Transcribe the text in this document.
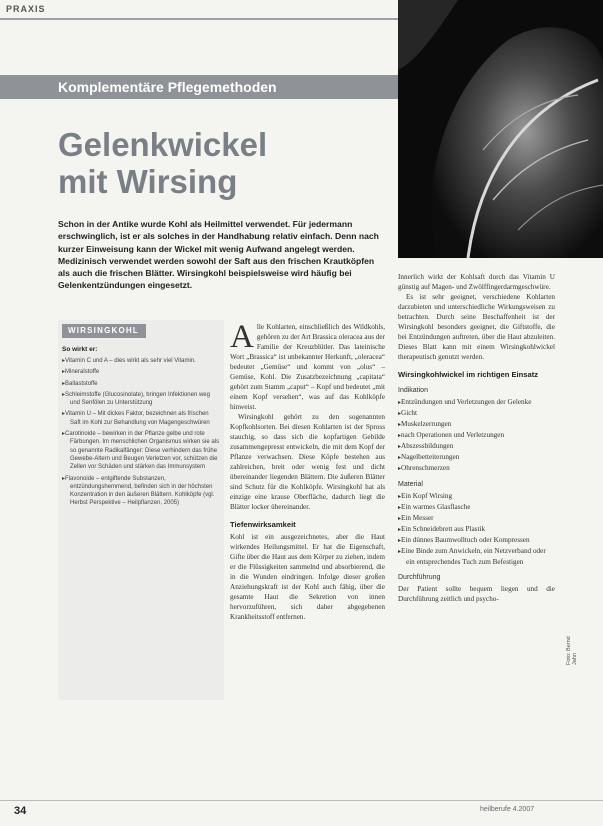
PRAXIS
Komplementäre Pflegemethoden
Gelenkwickel
mit Wirsing
Schon in der Antike wurde Kohl als Heilmittel verwendet. Für jedermann erschwinglich, ist er als solches in der Handhabung relativ einfach. Denn nach kurzer Einweisung kann der Wickel mit wenig Aufwand angelegt werden. Medizinisch verwendet werden sowohl der Saft aus den frischen Krautköpfen als auch die frischen Blätter. Wirsingkohl beispielsweise wird häufig bei Gelenkentzündungen eingesetzt.
WIRSINGKOHL
So wirkt er:
▸ Vitamin C und A – dies wirkt als sehr viel Vitamin.
▸ Mineralstoffe
▸ Ballaststoffe
▸ Schleimstoffe (Glucosinolate), bringen Infektionen weg und Senfölen zu Unterstützung
▸ Vitamin U – Mit dickes Faktor, bezeichnen als frischen Saft im Kohl zur Behandlung von Magengeschwüren
▸ Carotinoide – bewirken in der Pflanze gelbe und rote Färbungen. Im menschlichen Organismus wirken sie als so genannte Radikalfänger: Diese verhindern das frühe Gewebe-Altern und Beugen Verletzen vor, schützen die Zellen vor Schäden und stärken das Immunsystem
▸ Flavonoide – entgiftende Substanzen, entzündungshemmend, befinden sich in der höchsten Konzentration in den äußeren Blättern. Kohlköpfe (vgl. Herbst Perspektive – Heilpflanzen, 2005)

Alle Kohlarten, einschließlich des Wildkohls, gehören zu der Art Brassica oleracea aus der Familie der Kreuzblütler. Das lateinische Wort „Brassica“ ist unbekannter Herkunft, „oleracea“ bedeutet „Gemüse“ und kommt von „olus“ – Gemüse, Kohl. Die Zusatzbezeichnung „capitata“ gehört zum Stamm „caput“ – Kopf und bedeutet „mit einem Kopf versehen“, was auf das Kohlköpfe hinweist.

Wirsingkohl gehört zu den sogenannten Kopfkohlsorten. Bei diesen Kohlarten ist der Spross stauchig, so dass sich die kopfartigen Gebilde zusammengepresst entwickeln, die mit dem Kopf der Pflanze verwachsen. Diese Köpfe bestehen aus zahlreichen, breit oder wenig fest und dicht übereinander liegenden Blättern. Die äußeren Blätter sind Schutz für die Kohlköpfe. Wirsingkohl hat als einzige eine krause Oberfläche, dadurch liegt die Blätter locker übereinander.

Tiefenwirksamkeit

Kohl ist ein ausgezeichnetes, aber die Haut wirkendes Heilungsmittel. Er hat die Eigenschaft, Gifte über die Haut aus dem Körper zu ziehen, indem er die Flüssigkeiten sammelnd und absorbierend, die in die Wunden eindringen. Infolge dieser großen Anziehungskraft ist der Kohl auch fähig, über die gesamte Haut die Sekretion von innen hervorzuführen, sich daher abgegebenen Krankheitsstoff entfernen.

Innerlich wirkt der Kohlsaft durch das Vitamin U günstig auf Magen- und Zwölffingerdarmgeschwüre.

Es ist sehr geeignet, verschiedene Kohlarten darzubieten und unterschiedliche Wirkungsweisen zu betrachten. Durch seine Beschaffenheit ist der Wirsingkohl besonders geeignet, die Giftstoffe, die bei Entzündungen auftreten, über die Haut abzuleiten. Dieses Blatt kann mit einem Wirsingkohlwickel therapeutisch genutzt werden.

Wirsingkohlwickel im richtigen Einsatz
Indikation
▸ Entzündungen und Verletzungen der Gelenke
▸ Gicht
▸ Muskelzerrungen
▸ nach Operationen und Verletzungen
▸ Abszessbildungen
▸ Nagelbetteiterungen
▸ Ohrenschmerzen
Material
▸ Ein Kopf Wirsing
▸ Ein warmes Glasflasche
▸ Ein Messer
▸ Ein Schneidebrett aus Plastik
▸ Ein dünnes Baumwolltuch oder Kompressen
▸ Eine Binde zum Anwickeln, ein Netzverband oder ein entsprechendes Tuch zum Befestigen
Durchführung

Der Patient sollte bequem liegen und die Durchführung zeitlich und psycho-

Foto: Bernd Jahn
34	heilberufe 4.2007
